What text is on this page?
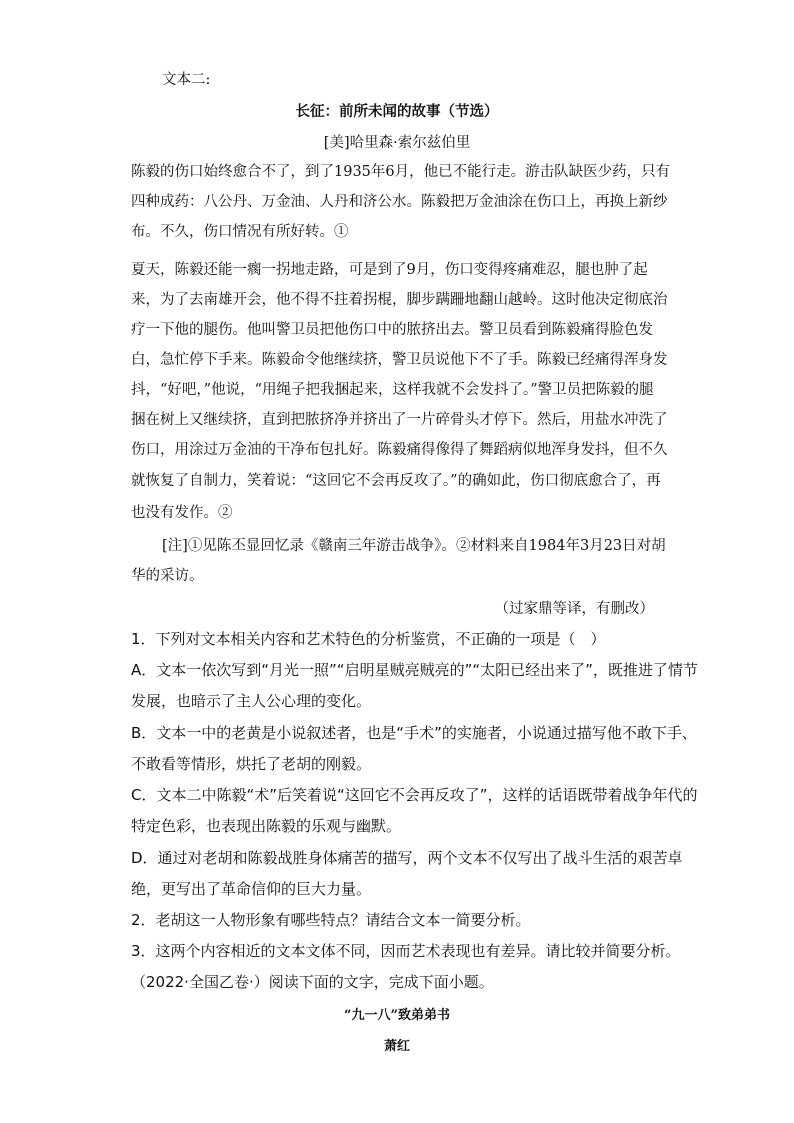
文本二:
长征：前所未闻的故事（节选）
[美]哈里森·索尔兹伯里
陈毅的伤口始终愈合不了，到了1935年6月，他已不能行走。游击队缺医少药，只有
四种成药：八公丹、万金油、人丹和济公水。陈毅把万金油涂在伤口上，再换上新纱
布。不久，伤口情况有所好转。①
夏天，陈毅还能一瘸一拐地走路，可是到了9月，伤口变得疼痛难忍，腿也肿了起
来，为了去南雄开会，他不得不拄着拐棍，脚步蹒跚地翻山越岭。这时他决定彻底治
疗一下他的腿伤。他叫警卫员把他伤口中的脓挤出去。警卫员看到陈毅痛得脸色发
白，急忙停下手来。陈毅命令他继续挤，警卫员说他下不了手。陈毅已经痛得浑身发
抖，“好吧，”他说，“用绳子把我捆起来，这样我就不会发抖了。”警卫员把陈毅的腿
捆在树上又继续挤，直到把脓挤净并挤出了一片碎骨头才停下。然后，用盐水冲洗了
伤口，用涂过万金油的干净布包扎好。陈毅痛得像得了舞蹈病似地浑身发抖，但不久
就恢复了自制力，笑着说：“这回它不会再反攻了。”的确如此，伤口彻底愈合了，再
也没有发作。②
[注]①见陈丕显回忆录《赣南三年游击战争》。②材料来自1984年3月23日对胡
华的采访。
（过家鼎等译，有删改）
1．下列对文本相关内容和艺术特色的分析鉴赏，不正确的一项是（　）
A．文本一依次写到“月光一照”“启明星贼亮贼亮的”“太阳已经出来了”，既推进了情节
发展，也暗示了主人公心理的变化。
B．文本一中的老黄是小说叙述者，也是“手术”的实施者，小说通过描写他不敢下手、
不敢看等情形，烘托了老胡的刚毅。
C．文本二中陈毅“术”后笑着说“这回它不会再反攻了”，这样的话语既带着战争年代的
特定色彩，也表现出陈毅的乐观与幽默。
D．通过对老胡和陈毅战胜身体痛苦的描写，两个文本不仅写出了战斗生活的艰苦卓
绝，更写出了革命信仰的巨大力量。
2．老胡这一人物形象有哪些特点？请结合文本一简要分析。
3．这两个内容相近的文本文体不同，因而艺术表现也有差异。请比较并简要分析。
（2022·全国乙卷·）阅读下面的文字，完成下面小题。
“九一八”致弟弟书
萧红
